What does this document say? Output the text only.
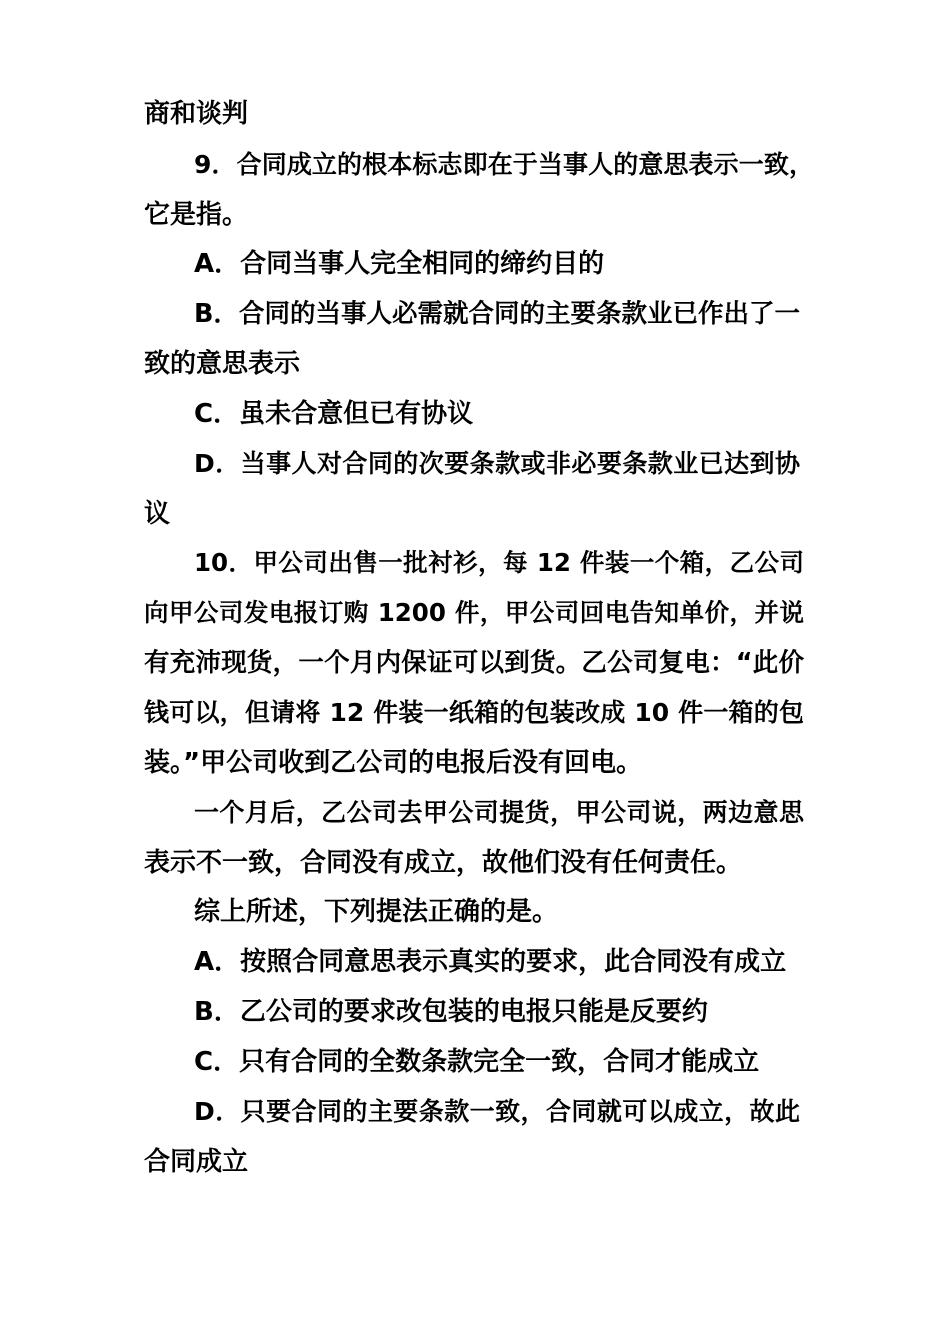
商和谈判
9．合同成立的根本标志即在于当事人的意思表示一致，
它是指。
A．合同当事人完全相同的缔约目的
B．合同的当事人必需就合同的主要条款业已作出了一
致的意思表示
C．虽未合意但已有协议
D．当事人对合同的次要条款或非必要条款业已达到协
议
10．甲公司出售一批衬衫，每 12 件装一个箱，乙公司
向甲公司发电报订购 1200 件，甲公司回电告知单价，并说
有充沛现货，一个月内保证可以到货。乙公司复电：“此价
钱可以，但请将 12 件装一纸箱的包装改成 10 件一箱的包
装。”甲公司收到乙公司的电报后没有回电。
一个月后，乙公司去甲公司提货，甲公司说，两边意思
表示不一致，合同没有成立，故他们没有任何责任。
综上所述，下列提法正确的是。
A．按照合同意思表示真实的要求，此合同没有成立
B．乙公司的要求改包装的电报只能是反要约
C．只有合同的全数条款完全一致，合同才能成立
D．只要合同的主要条款一致，合同就可以成立，故此
合同成立
